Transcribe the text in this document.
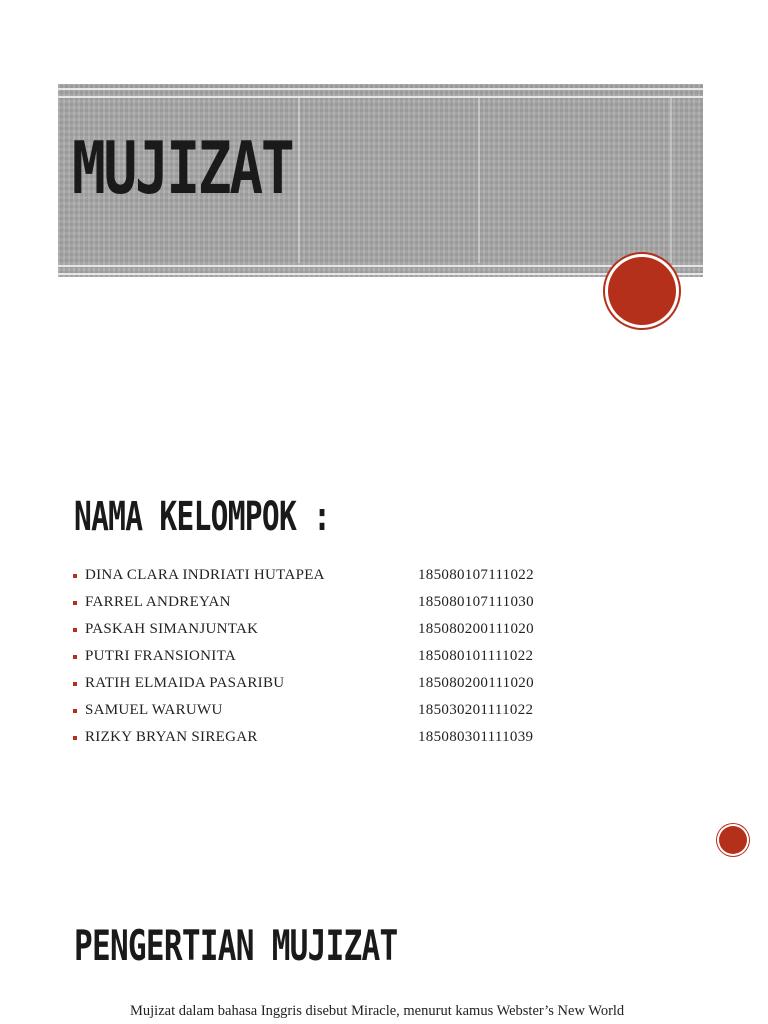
MUJIZAT
NAMA KELOMPOK :
DINA CLARA INDRIATI HUTAPEA	185080107111022
FARREL ANDREYAN	185080107111030
PASKAH SIMANJUNTAK	185080200111020
PUTRI FRANSIONITA	185080101111022
RATIH ELMAIDA PASARIBU	185080200111020
SAMUEL WARUWU	185030201111022
RIZKY BRYAN SIREGAR	185080301111039
PENGERTIAN MUJIZAT
Mujizat dalam bahasa Inggris disebut Miracle, menurut kamus Webster’s New World
